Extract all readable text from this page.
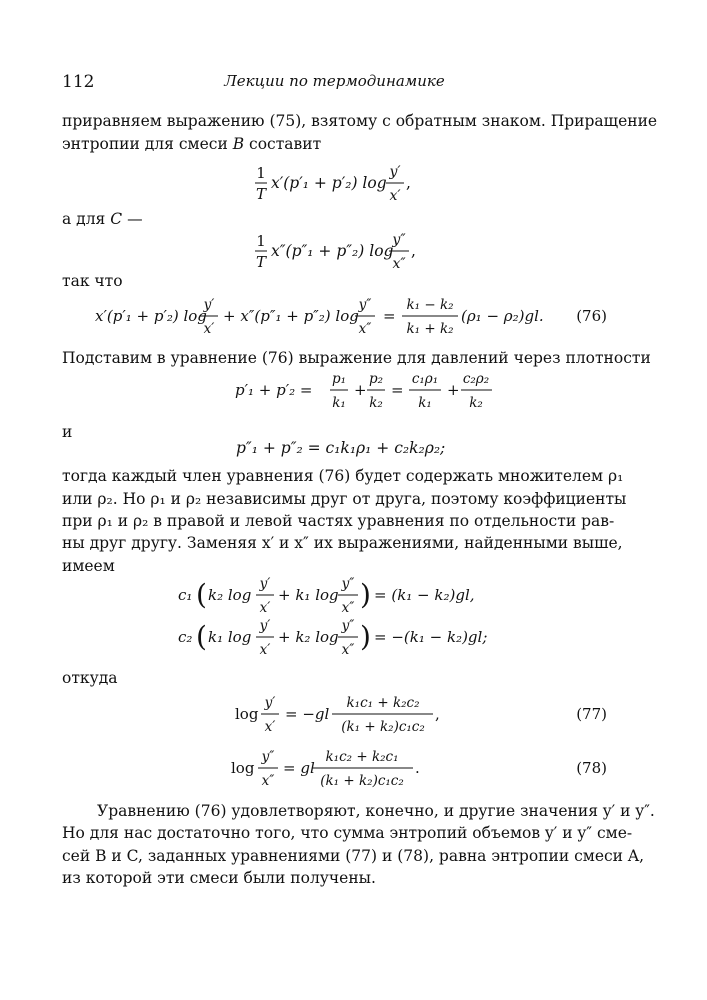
112	Лекции по термодинамике
приравняем выражению (75), взятому с обратным знаком. Приращение
энтропии для смеси B составит
1
T
x′(p′₁ + p′₂) log
y′
x′
,
а для C —
1
T
x″(p″₁ + p″₂) log
y″
x″
,
так что
x′(p′₁ + p′₂) log
y′
x′
+ x″(p″₁ + p″₂) log
y″
x″
=
k₁ − k₂
k₁ + k₂
(ρ₁ − ρ₂)gl. (76)
Подставим в уравнение (76) выражение для давлений через плотности
p′₁ + p′₂ =
p₁
k₁
+
p₂
k₂
=
c₁ρ₁
k₁
+
c₂ρ₂
k₂
и
p″₁ + p″₂ = c₁k₁ρ₁ + c₂k₂ρ₂;
тогда каждый член уравнения (76) будет содержать множителем ρ₁
или ρ₂. Но ρ₁ и ρ₂ независимы друг от друга, поэтому коэффициенты
при ρ₁ и ρ₂ в правой и левой частях уравнения по отдельности рав-
ны друг другу. Заменяя x′ и x″ их выражениями, найденными выше,
имеем
c₁ ( k₂ log
y′
x′
+ k₁ log
y″
x″ ) = (k₁ − k₂)gl,
c₂ ( k₁ log
y′
x′
+ k₂ log
y″
x″ ) = −(k₁ − k₂)gl;
откуда
log
y′
x′
= −gl
k₁c₁ + k₂c₂
(k₁ + k₂)c₁c₂
,	(77)
log
y″
x″
= gl
k₁c₂ + k₂c₁
(k₁ + k₂)c₁c₂
.	(78)
Уравнению (76) удовлетворяют, конечно, и другие значения y′ и y″.
Но для нас достаточно того, что сумма энтропий объемов y′ и y″ сме-
сей B и C, заданных уравнениями (77) и (78), равна энтропии смеси A,
из которой эти смеси были получены.
